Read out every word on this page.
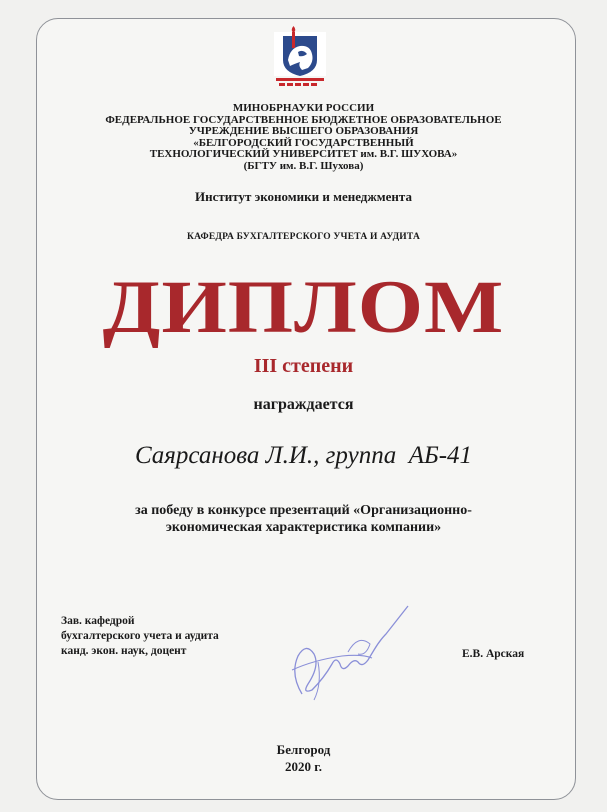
МИНОБРНАУКИ РОССИИ
ФЕДЕРАЛЬНОЕ ГОСУДАРСТВЕННОЕ БЮДЖЕТНОЕ ОБРАЗОВАТЕЛЬНОЕ
УЧРЕЖДЕНИЕ ВЫСШЕГО ОБРАЗОВАНИЯ
«БЕЛГОРОДСКИЙ ГОСУДАРСТВЕННЫЙ
ТЕХНОЛОГИЧЕСКИЙ УНИВЕРСИТЕТ им. В.Г. ШУХОВА»
(БГТУ им. В.Г. Шухова)
Институт экономики и менеджмента
КАФЕДРА БУХГАЛТЕРСКОГО УЧЕТА И АУДИТА
ДИПЛОМ
III степени
награждается
Саярсанова Л.И., группа  АБ-41
за победу в конкурсе презентаций «Организационно-
экономическая характеристика компании»
Зав. кафедрой
бухгалтерского учета и аудита
канд. экон. наук, доцент	Е.В. Арская
Белгород
2020 г.
